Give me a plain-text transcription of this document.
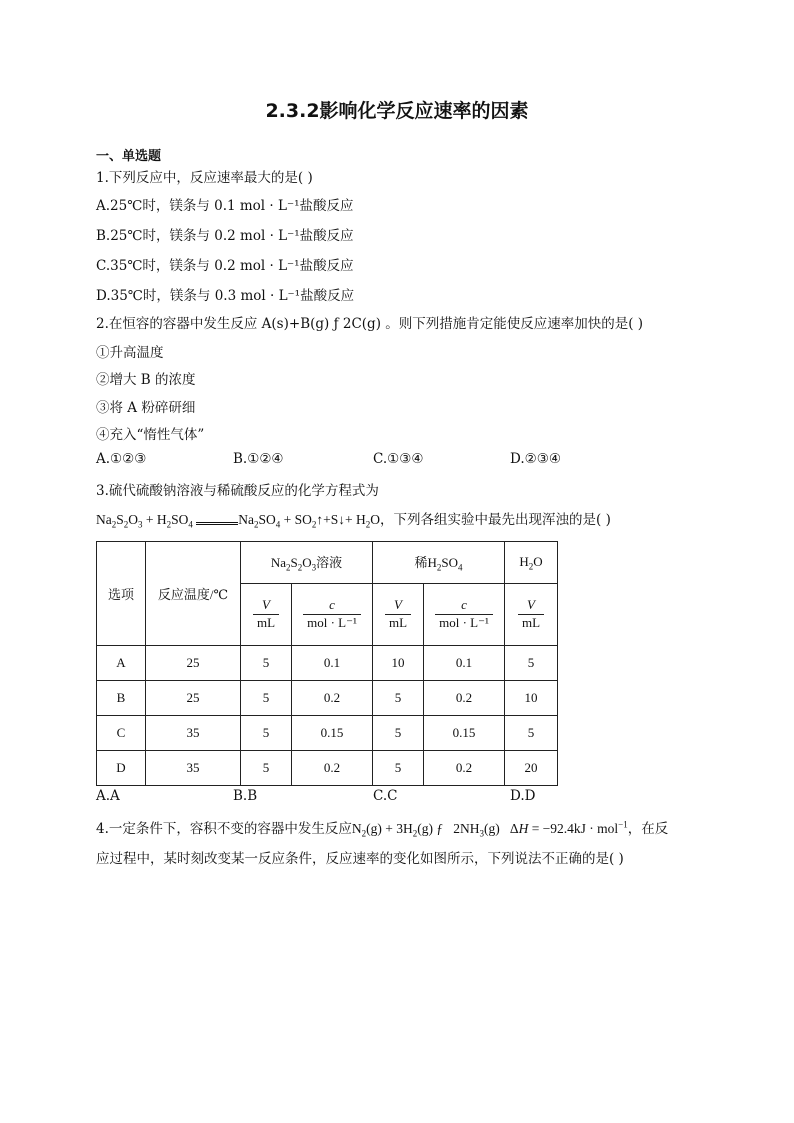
2.3.2影响化学反应速率的因素
一、单选题
1.下列反应中，反应速率最大的是( )
A.25℃时，镁条与 0.1 mol · L⁻¹盐酸反应
B.25℃时，镁条与 0.2 mol · L⁻¹盐酸反应
C.35℃时，镁条与 0.2 mol · L⁻¹盐酸反应
D.35℃时，镁条与 0.3 mol · L⁻¹盐酸反应
2.在恒容的容器中发生反应 A(s)+B(g) ƒ 2C(g) 。则下列措施肯定能使反应速率加快的是( )
①升高温度
②增大 B 的浓度
③将 A 粉碎研细
④充入“惰性气体”
A.①②③	B.①②④	C.①③④	D.②③④
3.硫代硫酸钠溶液与稀硫酸反应的化学方程式为
$Na_2S_2O_3 + H_2SO_4$	$Na_2SO_4$ + $SO_2↑+S↓+ H_2O$，下列各组实验中最先出现浑浊的是( )
选项	反应温度/℃	$Na_2S_2O_3$溶液		稀$H_2SO_4$		$H_2O$

		$\frac{V}{mL}$	$\frac{c}{\text{mol · L⁻¹}}$	$\frac{V}{mL}$	$\frac{c}{\text{mol · L⁻¹}}$	$\frac{V}{mL}$

A	25	5	0.1	10	0.1	5
B	25	5	0.2	5	0.2	10
C	35	5	0.15	5	0.15	5
D	35	5	0.2	5	0.2	20
A.A	B.B	C.C	D.D
4.一定条件下，容积不变的容器中发生反应$N_2(g) + 3H_2(g)$ ƒ   $2NH_3(g) \Delta H = -92.4kJ \cdot mol^{-1}$，在反
应过程中，某时刻改变某一反应条件，反应速率的变化如图所示，下列说法不正确的是( )
